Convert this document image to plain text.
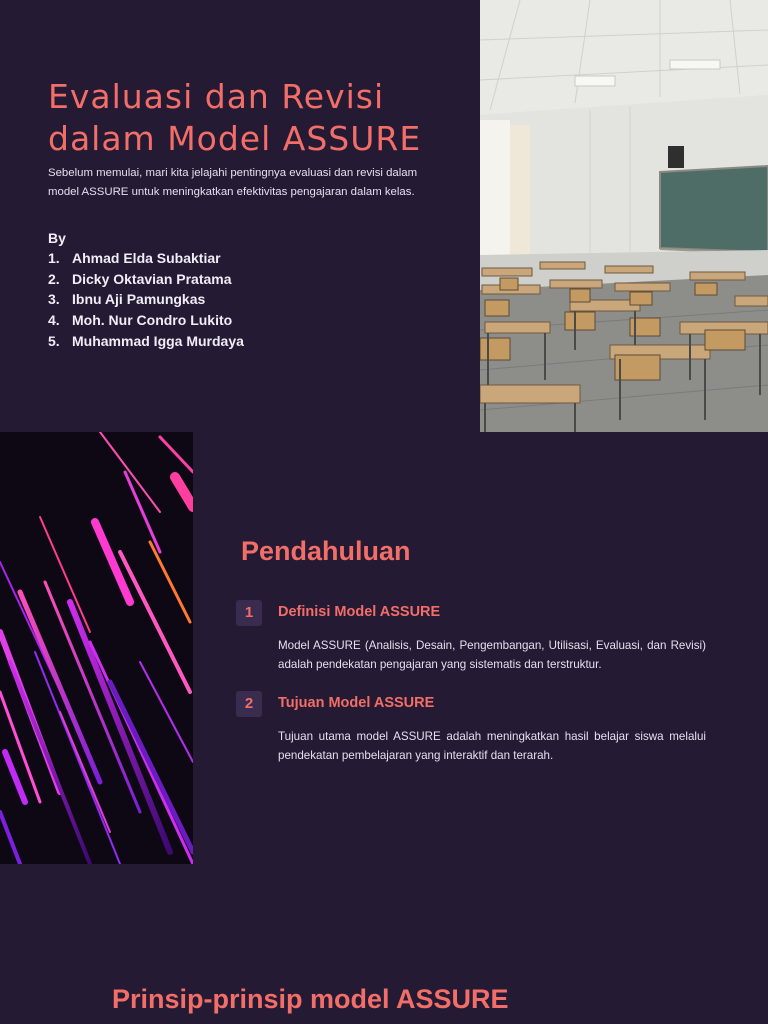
Evaluasi dan Revisi
dalam Model ASSURE

Sebelum memulai, mari kita jelajahi pentingnya evaluasi dan revisi dalam model ASSURE untuk meningkatkan efektivitas pengajaran dalam kelas.

By
1. Ahmad Elda Subaktiar
2. Dicky Oktavian Pratama
3. Ibnu Aji Pamungkas
4. Moh. Nur Condro Lukito
5. Muhammad Igga Murdaya
Pendahuluan
1	Definisi Model ASSURE

Model ASSURE (Analisis, Desain, Pengembangan, Utilisasi, Evaluasi, dan Revisi) adalah pendekatan pengajaran yang sistematis dan terstruktur.

2	Tujuan Model ASSURE

Tujuan utama model ASSURE adalah meningkatkan hasil belajar siswa melalui pendekatan pembelajaran yang interaktif dan terarah.

Prinsip-prinsip model ASSURE
